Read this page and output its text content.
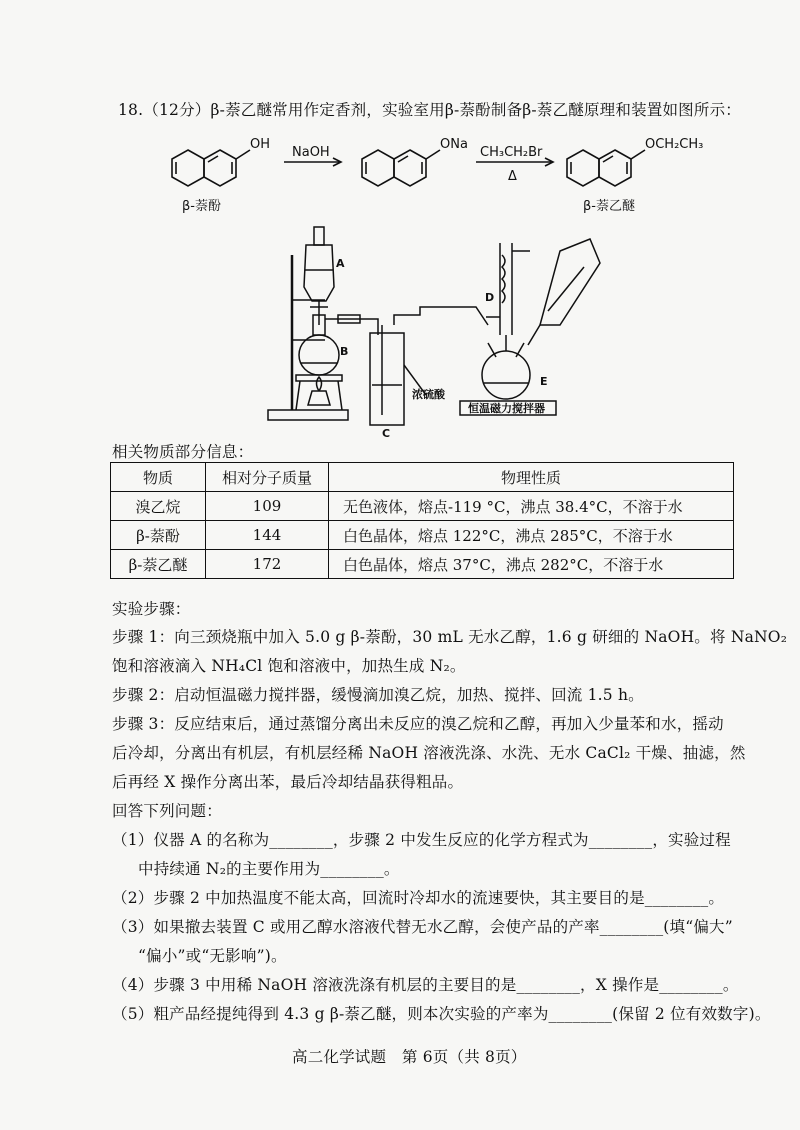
18.（12分）β-萘乙醚常用作定香剂，实验室用β-萘酚制备β-萘乙醚原理和装置如图所示：
OH	ONa	OCH₂CH₃
NaOH	CH₃CH₂Br
Δ
β-萘酚	β-萘乙醚
A
B
C
D
E
浓硫酸
恒温磁力搅拌器
相关物质部分信息：
物质	相对分子质量	物理性质
溴乙烷	109	无色液体，熔点-119 °C，沸点 38.4°C，不溶于水
β-萘酚	144	白色晶体，熔点 122°C，沸点 285°C，不溶于水
β-萘乙醚	172	白色晶体，熔点 37°C，沸点 282°C，不溶于水
实验步骤：
步骤 1：向三颈烧瓶中加入 5.0 g β-萘酚，30 mL 无水乙醇，1.6 g 研细的 NaOH。将 NaNO₂
饱和溶液滴入 NH₄Cl 饱和溶液中，加热生成 N₂。
步骤 2：启动恒温磁力搅拌器，缓慢滴加溴乙烷，加热、搅拌、回流 1.5 h。
步骤 3：反应结束后，通过蒸馏分离出未反应的溴乙烷和乙醇，再加入少量苯和水，摇动
后冷却，分离出有机层，有机层经稀 NaOH 溶液洗涤、水洗、无水 CaCl₂ 干燥、抽滤，然
后再经 X 操作分离出苯，最后冷却结晶获得粗品。
回答下列问题：
（1）仪器 A 的名称为________，步骤 2 中发生反应的化学方程式为________，实验过程
中持续通 N₂的主要作用为________。
（2）步骤 2 中加热温度不能太高，回流时冷却水的流速要快，其主要目的是________。
（3）如果撤去装置 C 或用乙醇水溶液代替无水乙醇，会使产品的产率________(填“偏大”
“偏小”或“无影响”)。
（4）步骤 3 中用稀 NaOH 溶液洗涤有机层的主要目的是________，X 操作是________。
（5）粗产品经提纯得到 4.3 g β-萘乙醚，则本次实验的产率为________(保留 2 位有效数字)。
高二化学试题　第 6页（共 8页）
